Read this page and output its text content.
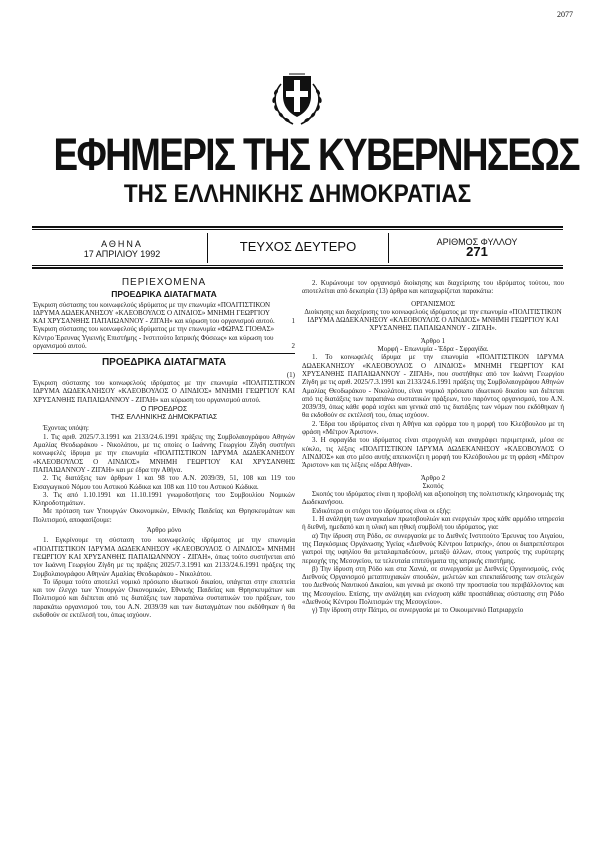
2077
ΕΦΗΜΕΡΙΣ ΤΗΣ ΚΥΒΕΡΝΗΣΕΩΣ
ΤΗΣ ΕΛΛΗΝΙΚΗΣ ΔΗΜΟΚΡΑΤΙΑΣ
ΑΘΗΝΑ
17 ΑΠΡΙΛΙΟΥ 1992	ΤΕΥΧΟΣ ΔΕΥΤΕΡΟ	ΑΡΙΘΜΟΣ ΦΥΛΛΟΥ
271
ΠΕΡΙΕΧΟΜΕΝΑ
ΠΡΟΕΔΡΙΚΑ ΔΙΑΤΑΓΜΑΤΑ
Έγκριση σύστασης του κοινωφελούς ιδρύματος με την επωνυμία «ΠΟΛΙΤΙΣΤΙΚΟΝ ΙΔΡΥΜΑ ΔΩΔΕΚΑΝΗΣΟΥ «ΚΛΕΟΒΟΥΛΟΣ Ο ΛΙΝΔΙΟΣ» ΜΝΗΜΗ ΓΕΩΡΓΙΟΥ ΚΑΙ ΧΡΥΣΑΝΘΗΣ ΠΑΠΑΙΩΑΝΝΟΥ - ΖΙΓΑΗ» και κύρωση του οργανισμού αυτού. 1
Έγκριση σύστασης του κοινωφελούς ιδρύματος με την επωνυμία «ΦΩΡΑΣ ΓΙΟΘΑΣ» Κέντρο Έρευνας Υγιεινής Επιστήμης - Ινστιτούτο Ιατρικής Φύσεως» και κύρωση του οργανισμού αυτού.	2
ΠΡΟΕΔΡΙΚΑ ΔΙΑΤΑΓΜΑΤΑ

(1)

Έγκριση σύστασης του κοινωφελούς ιδρύματος με την επωνυμία «ΠΟΛΙΤΙΣΤΙΚΟΝ ΙΔΡΥΜΑ ΔΩΔΕΚΑΝΗΣΟΥ «ΚΛΕΟΒΟΥΛΟΣ Ο ΛΙΝΔΙΟΣ» ΜΝΗΜΗ ΓΕΩΡΓΙΟΥ ΚΑΙ ΧΡΥΣΑΝΘΗΣ ΠΑΠΑΙΩΑΝΝΟΥ - ΖΙΓΑΗ» και κύρωση του οργανισμού αυτού.

Ο ΠΡΟΕΔΡΟΣ
ΤΗΣ ΕΛΛΗΝΙΚΗΣ ΔΗΜΟΚΡΑΤΙΑΣ

Έχοντας υπόψη:

1. Τις αριθ. 2025/7.3.1991 και 2133/24.6.1991 πράξεις της Συμβολαιογράφου Αθηνών Αμαλίας Θεοδωράκου - Νικολάτου, με τις οποίες ο Ιωάννης Γεωργίου Ζίγδη συστήνει κοινωφελές ίδρυμα με την επωνυμία «ΠΟΛΙΤΙΣΤΙΚΟΝ ΙΔΡΥΜΑ ΔΩΔΕΚΑΝΗΣΟΥ «ΚΛΕΟΒΟΥΛΟΣ Ο ΛΙΝΔΙΟΣ» ΜΝΗΜΗ ΓΕΩΡΓΙΟΥ ΚΑΙ ΧΡΥΣΑΝΘΗΣ ΠΑΠΑΙΩΑΝΝΟΥ - ΖΙΓΑΗ» και με έδρα την Αθήνα.

2. Τις διατάξεις των άρθρων 1 και 98 του Α.Ν. 2039/39, 51, 108 και 119 του Εισαγωγικού Νόμου του Αστικού Κώδικα και 108 και 110 του Αστικού Κώδικα.

3. Τις από 1.10.1991 και 11.10.1991 γνωμοδοτήσεις του Συμβουλίου Νομικών Κληροδοτημάτων.

Με πρόταση των Υπουργών Οικονομικών, Εθνικής Παιδείας και Θρησκευμάτων και Πολιτισμού, αποφασίζουμε:

Άρθρο μόνο

1. Εγκρίνουμε τη σύσταση του κοινωφελούς ιδρύματος με την επωνυμία «ΠΟΛΙΤΙΣΤΙΚΟΝ ΙΔΡΥΜΑ ΔΩΔΕΚΑΝΗΣΟΥ «ΚΛΕΟΒΟΥΛΟΣ Ο ΛΙΝΔΙΟΣ» ΜΝΗΜΗ ΓΕΩΡΓΙΟΥ ΚΑΙ ΧΡΥΣΑΝΘΗΣ ΠΑΠΑΙΩΑΝΝΟΥ - ΖΙΓΑΗ», όπως τούτο συστήνεται από τον Ιωάννη Γεωργίου Ζίγδη με τις πράξεις 2025/7.3.1991 και 2133/24.6.1991 πράξεις της Συμβολαιογράφου Αθηνών Αμαλίας Θεοδωράκου - Νικολάτου.

Το ίδρυμα τούτο αποτελεί νομικό πρόσωπο ιδιωτικού δικαίου, υπάγεται στην εποπτεία και τον έλεγχο των Υπουργών Οικονομικών, Εθνικής Παιδείας και Θρησκευμάτων και Πολιτισμού και διέπεται από τις διατάξεις των παραπάνω συστατικών του πράξεων, του παρακάτω οργανισμού του, του Α.Ν. 2039/39 και των διαταγμάτων που εκδόθηκαν ή θα εκδοθούν σε εκτέλεσή του, όπως ισχύουν.

2. Κυρώνουμε τον οργανισμό διοίκησης και διαχείρισης του ιδρύματος τούτου, που αποτελείται από δεκατρία (13) άρθρα και καταχωρίζεται παρακάτω:

ΟΡΓΑΝΙΣΜΟΣ

Διοίκησης και διαχείρισης του κοινωφελούς ιδρύματος με την επωνυμία «ΠΟΛΙΤΙΣΤΙΚΟΝ ΙΔΡΥΜΑ ΔΩΔΕΚΑΝΗΣΟΥ «ΚΛΕΟΒΟΥΛΟΣ Ο ΛΙΝΔΙΟΣ» ΜΝΗΜΗ ΓΕΩΡΓΙΟΥ ΚΑΙ ΧΡΥΣΑΝΘΗΣ ΠΑΠΑΙΩΑΝΝΟΥ - ΖΙΓΑΗ».

Άρθρο 1

Μορφή - Επωνυμία - Έδρα - Σφραγίδα.

1. Το κοινωφελές ίδρυμα με την επωνυμία «ΠΟΛΙΤΙΣΤΙΚΟΝ ΙΔΡΥΜΑ ΔΩΔΕΚΑΝΗΣΟΥ «ΚΛΕΟΒΟΥΛΟΣ Ο ΛΙΝΔΙΟΣ» ΜΝΗΜΗ ΓΕΩΡΓΙΟΥ ΚΑΙ ΧΡΥΣΑΝΘΗΣ ΠΑΠΑΙΩΑΝΝΟΥ - ΖΙΓΑΗ», που συστήθηκε από τον Ιωάννη Γεωργίου Ζίγδη με τις αριθ. 2025/7.3.1991 και 2133/24.6.1991 πράξεις της Συμβολαιογράφου Αθηνών Αμαλίας Θεοδωράκου - Νικολάτου, είναι νομικό πρόσωπο ιδιωτικού δικαίου και διέπεται από τις διατάξεις των παραπάνω συστατικών πράξεων, του παρόντος οργανισμού, του Α.Ν. 2039/39, όπως κάθε φορά ισχύει και γενικά από τις διατάξεις των νόμων που εκδόθηκαν ή θα εκδοθούν σε εκτέλεσή του, όπως ισχύουν.

2. Έδρα του ιδρύματος είναι η Αθήνα και εφόρμα του η μορφή του Κλεόβουλου με τη φράση «Μέτρον Άριστον».

3. Η σφραγίδα του ιδρύματος είναι στρογγυλή και αναγράφει περιμετρικά, μέσα σε κύκλο, τις λέξεις «ΠΟΛΙΤΙΣΤΙΚΟΝ ΙΔΡΥΜΑ ΔΩΔΕΚΑΝΗΣΟΥ «ΚΛΕΟΒΟΥΛΟΣ Ο ΛΙΝΔΙΟΣ» και στο μέσο αυτής απεικονίζει η μορφή του Κλεόβουλου με τη φράση «Μέτρον Άριστον» και τις λέξεις «έδρα Αθήνα».

Άρθρο 2

Σκοπός

Σκοπός του ιδρύματος είναι η προβολή και αξιοποίηση της πολιτιστικής κληρονομιάς της Δωδεκανήσου.

Ειδικότερα οι στόχοι του ιδρύματος είναι οι εξής:

1. Η ανάληψη των αναγκαίων πρωτοβουλιών και ενεργειών προς κάθε αρμόδιο υπηρεσία ή διεθνή, ημεδαπό και η υλική και ηθική συμβολή του ιδρύματος, για:

α) Την ίδρυση στη Ρόδο, σε συνεργασία με το Διεθνές Ινστιτούτο Έρευνας του Αιγαίου, της Παγκόσμιας Οργάνωσης Υγείας «Διεθνούς Κέντρου Ιατρικής», όπου οι διαπρεπέστεροι γιατροί της υφηλίου θα μεταλαμπαδεύουν, μεταξύ άλλων, στους γιατρούς της ευρύτερης περιοχής της Μεσογείου, τα τελευταία επιτεύγματα της ιατρικής επιστήμης.

β) Την ίδρυση στη Ρόδο και στα Χανιά, σε συνεργασία με Διεθνείς Οργανισμούς, ενός Διεθνούς Οργανισμού μεταπτυχιακών σπουδών, μελετών και επεκπαίδευσης των στελεχών του Διεθνούς Ναυτικού Δικαίου, και γενικά με σκοπό την προστασία του περιβάλλοντος και της Μεσογείου. Επίσης, την ανάληψη και ενίσχυση κάθε προσπάθειας σύστασης στη Ρόδο «Διεθνούς Κέντρου Πολιτισμών της Μεσογείου».

γ) Την ίδρυση στην Πάτμο, σε συνεργασία με το Οικουμενικό Πατριαρχείο
